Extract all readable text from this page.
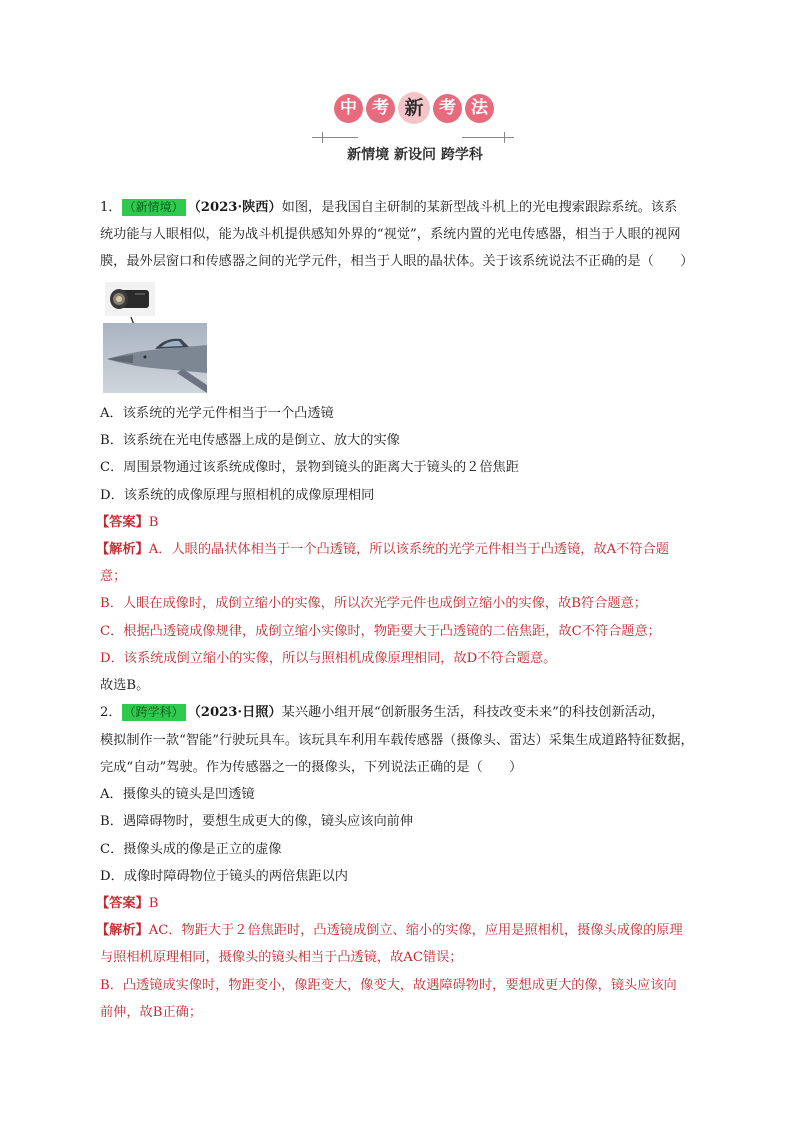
中 考 新 考 法
新情境 新设问 跨学科
1． （新情境） （2023·陕西）如图，是我国自主研制的某新型战斗机上的光电搜索跟踪系统。该系
统功能与人眼相似，能为战斗机提供感知外界的“视觉”，系统内置的光电传感器，相当于人眼的视网
膜，最外层窗口和传感器之间的光学元件，相当于人眼的晶状体。关于该系统说法不正确的是（　　）
A．该系统的光学元件相当于一个凸透镜
B．该系统在光电传感器上成的是倒立、放大的实像
C．周围景物通过该系统成像时，景物到镜头的距离大于镜头的２倍焦距
D．该系统的成像原理与照相机的成像原理相同
【答案】B
【解析】A．人眼的晶状体相当于一个凸透镜，所以该系统的光学元件相当于凸透镜，故A不符合题
意；
B．人眼在成像时，成倒立缩小的实像，所以次光学元件也成倒立缩小的实像，故B符合题意；
C．根据凸透镜成像规律，成倒立缩小实像时，物距要大于凸透镜的二倍焦距，故C不符合题意；
D．该系统成倒立缩小的实像，所以与照相机成像原理相同，故D不符合题意。
故选B。
2． （跨学科） （2023·日照）某兴趣小组开展“创新服务生活，科技改变未来”的科技创新活动，
模拟制作一款“智能”行驶玩具车。该玩具车利用车载传感器（摄像头、雷达）采集生成道路特征数据，
完成“自动”驾驶。作为传感器之一的摄像头，下列说法正确的是（　　）
A．摄像头的镜头是凹透镜
B．遇障碍物时，要想生成更大的像，镜头应该向前伸
C．摄像头成的像是正立的虚像
D．成像时障碍物位于镜头的两倍焦距以内
【答案】B
【解析】AC．物距大于２倍焦距时，凸透镜成倒立、缩小的实像，应用是照相机，摄像头成像的原理
与照相机原理相同，摄像头的镜头相当于凸透镜，故AC错误；
B．凸透镜成实像时，物距变小，像距变大，像变大，故遇障碍物时，要想成更大的像，镜头应该向
前伸，故B正确；
